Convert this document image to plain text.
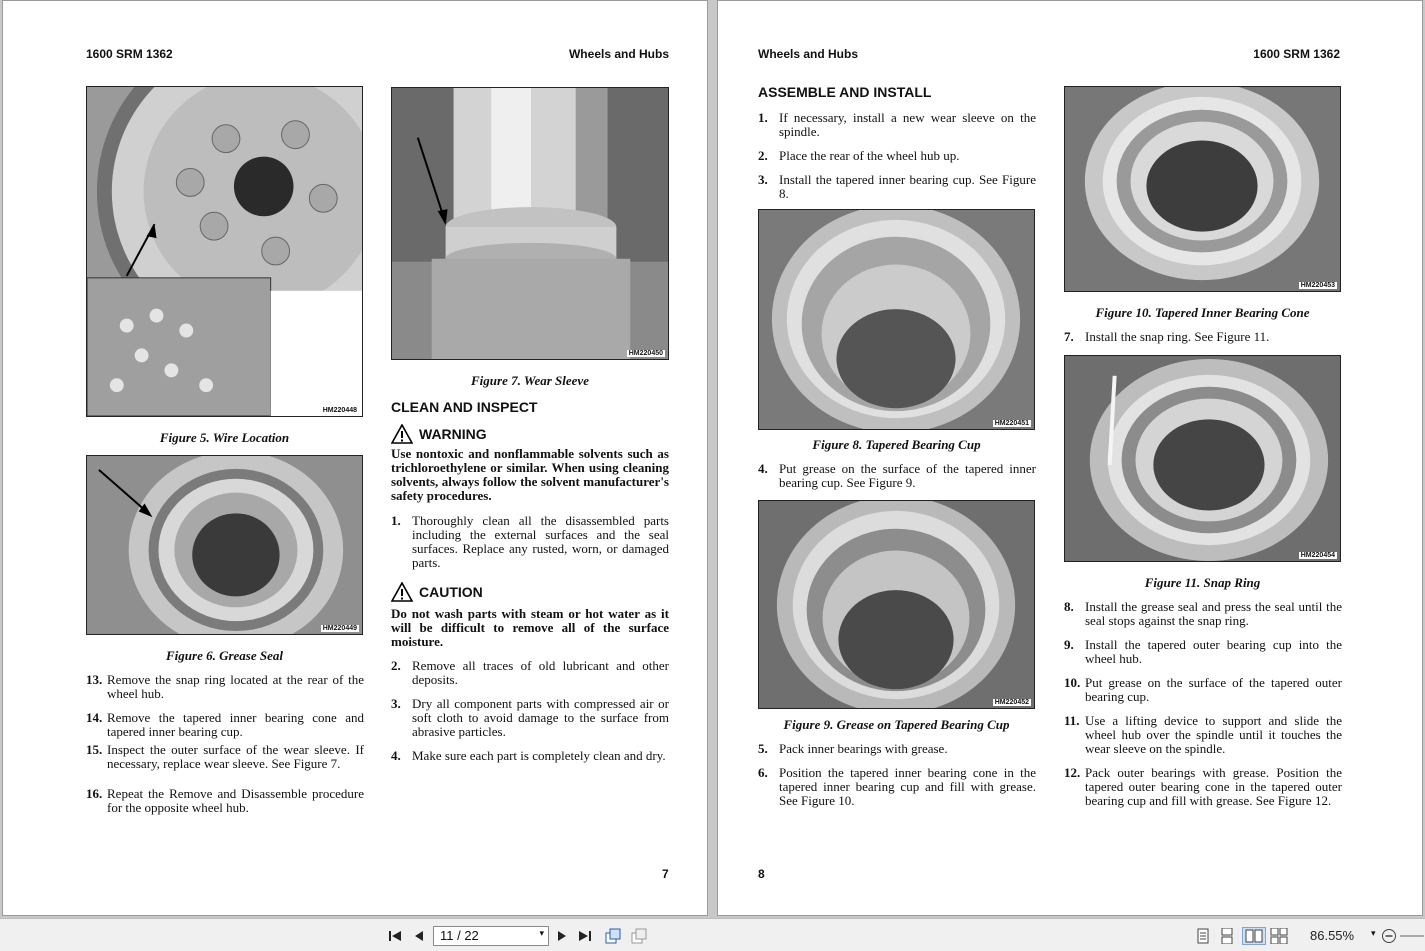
1600 SRM 1362	Wheels and Hubs
HM220448
Figure 5. Wire Location
HM220449
Figure 6. Grease Seal
13. Remove the snap ring located at the rear of the wheel hub.
14. Remove the tapered inner bearing cone and tapered inner bearing cup.
15. Inspect the outer surface of the wear sleeve. If necessary, replace wear sleeve. See Figure 7.
16. Repeat the Remove and Disassemble procedure for the opposite wheel hub.
HM220450
Figure 7. Wear Sleeve
CLEAN AND INSPECT
WARNING
Use nontoxic and nonflammable solvents such as trichloroethylene or similar. When using cleaning solvents, always follow the solvent manufacturer's safety procedures.
1. Thoroughly clean all the disassembled parts including the external surfaces and the seal surfaces. Replace any rusted, worn, or damaged parts.
CAUTION
Do not wash parts with steam or hot water as it will be difficult to remove all of the surface moisture.
2. Remove all traces of old lubricant and other deposits.
3. Dry all component parts with compressed air or soft cloth to avoid damage to the surface from abrasive particles.
4. Make sure each part is completely clean and dry.
7
Wheels and Hubs	1600 SRM 1362
ASSEMBLE AND INSTALL
1. If necessary, install a new wear sleeve on the spindle.
2. Place the rear of the wheel hub up.
3. Install the tapered inner bearing cup. See Figure 8.
HM220451
Figure 8. Tapered Bearing Cup
4. Put grease on the surface of the tapered inner bearing cup. See Figure 9.
HM220452
Figure 9. Grease on Tapered Bearing Cup
5. Pack inner bearings with grease.
6. Position the tapered inner bearing cone in the tapered inner bearing cup and fill with grease. See Figure 10.
HM220453
Figure 10. Tapered Inner Bearing Cone
7. Install the snap ring. See Figure 11.
HM220454
Figure 11. Snap Ring
8. Install the grease seal and press the seal until the seal stops against the snap ring.
9. Install the tapered outer bearing cup into the wheel hub.
10. Put grease on the surface of the tapered outer bearing cup.
11. Use a lifting device to support and slide the wheel hub over the spindle until it touches the wear sleeve on the spindle.
12. Pack outer bearings with grease. Position the tapered outer bearing cone in the tapered outer bearing cup and fill with grease. See Figure 12.
8
11 / 22	▾	86.55% ▾
